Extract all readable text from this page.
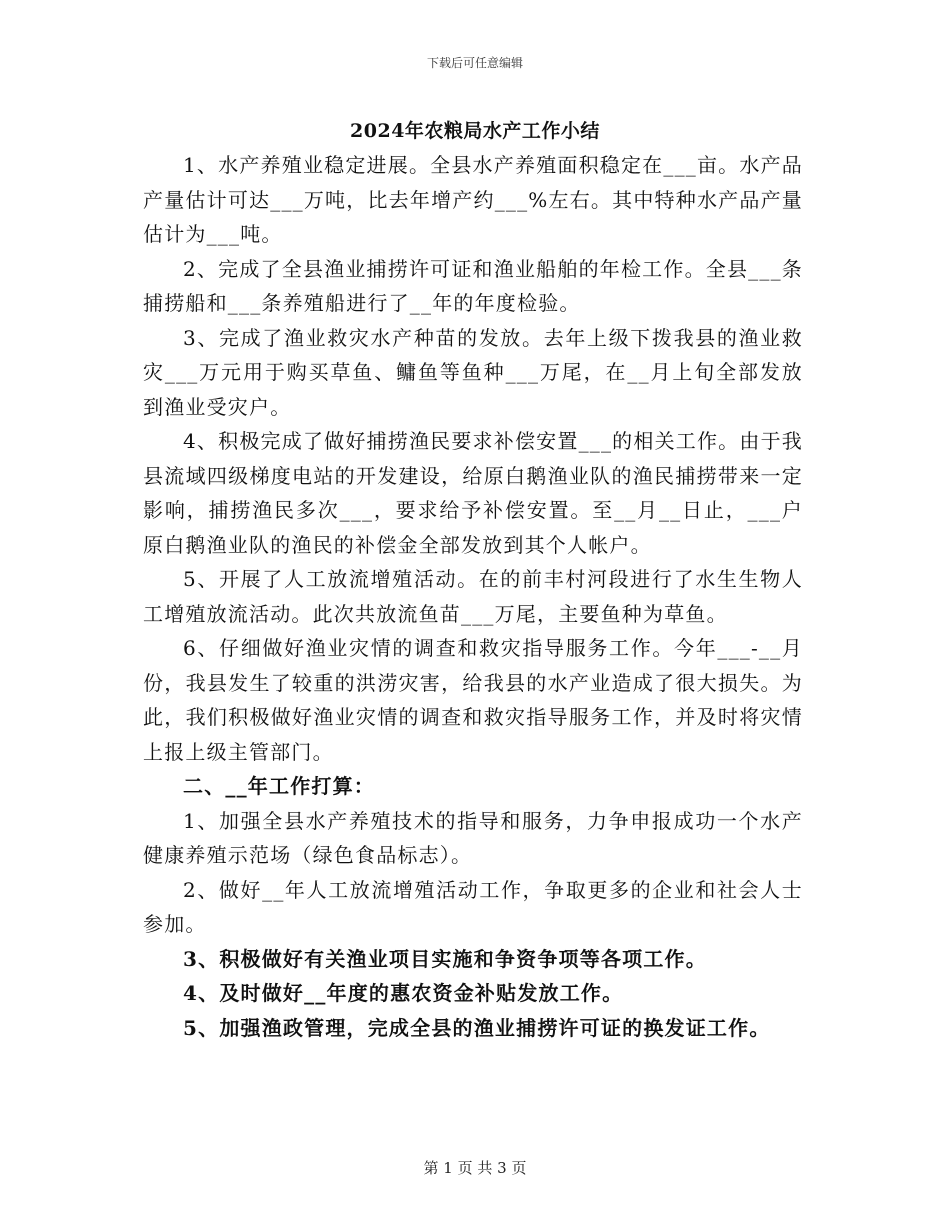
下载后可任意编辑
2024年农粮局水产工作小结

1、水产养殖业稳定进展。全县水产养殖面积稳定在___亩。水产品产量估计可达___万吨，比去年增产约___%左右。其中特种水产品产量估计为___吨。

2、完成了全县渔业捕捞许可证和渔业船舶的年检工作。全县___条捕捞船和___条养殖船进行了__年的年度检验。

3、完成了渔业救灾水产种苗的发放。去年上级下拨我县的渔业救灾___万元用于购买草鱼、鳙鱼等鱼种___万尾，在__月上旬全部发放到渔业受灾户。

4、积极完成了做好捕捞渔民要求补偿安置___的相关工作。由于我县流域四级梯度电站的开发建设，给原白鹅渔业队的渔民捕捞带来一定影响，捕捞渔民多次___，要求给予补偿安置。至__月__日止，___户原白鹅渔业队的渔民的补偿金全部发放到其个人帐户。

5、开展了人工放流增殖活动。在的前丰村河段进行了水生生物人工增殖放流活动。此次共放流鱼苗___万尾，主要鱼种为草鱼。

6、仔细做好渔业灾情的调查和救灾指导服务工作。今年___-__月份，我县发生了较重的洪涝灾害，给我县的水产业造成了很大损失。为此，我们积极做好渔业灾情的调查和救灾指导服务工作，并及时将灾情上报上级主管部门。

二、__年工作打算：

1、加强全县水产养殖技术的指导和服务，力争申报成功一个水产健康养殖示范场（绿色食品标志）。

2、做好__年人工放流增殖活动工作，争取更多的企业和社会人士参加。

3、积极做好有关渔业项目实施和争资争项等各项工作。

4、及时做好__年度的惠农资金补贴发放工作。

5、加强渔政管理，完成全县的渔业捕捞许可证的换发证工作。

第 1 页 共 3 页
